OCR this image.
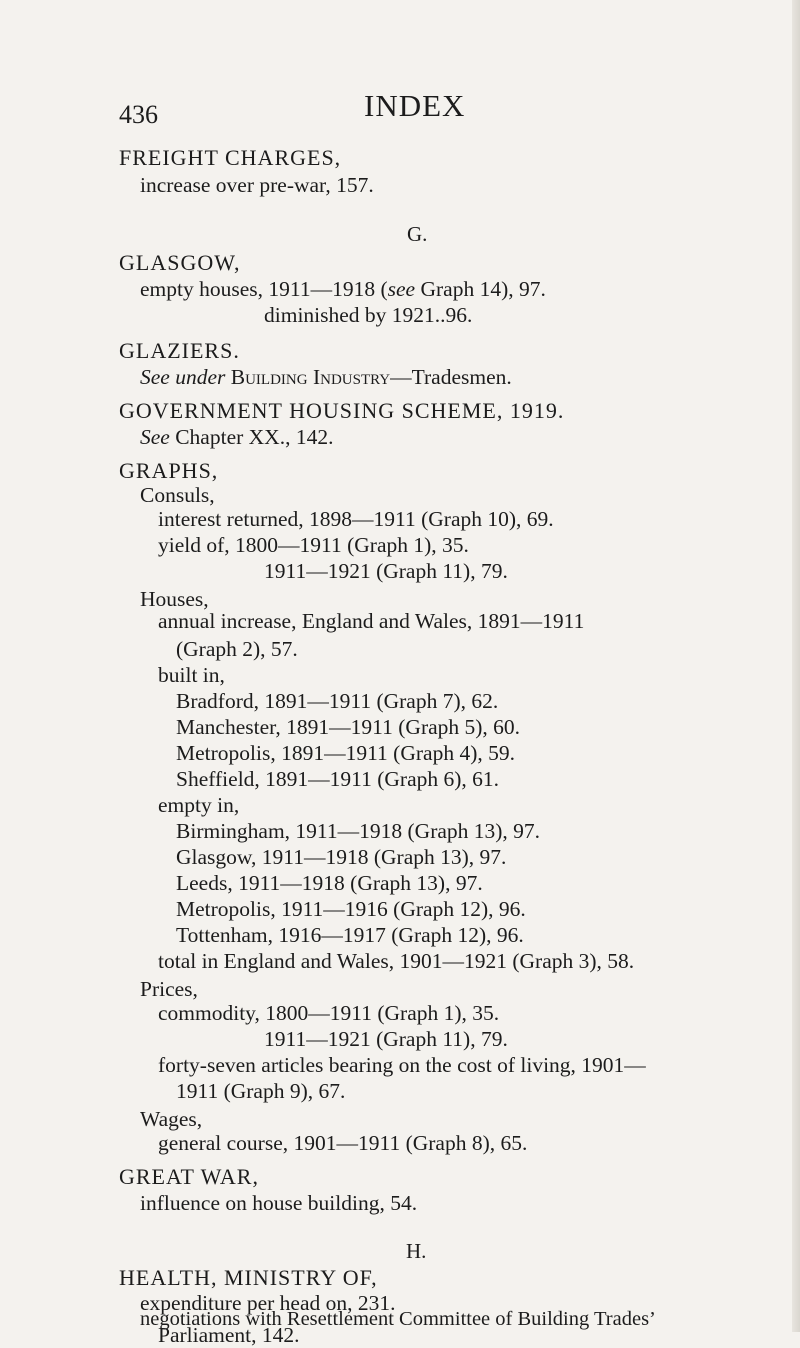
436	INDEX
FREIGHT CHARGES,
increase over pre-war, 157.
G.
GLASGOW,
empty houses, 1911—1918 (see Graph 14), 97.
diminished by 1921..96.
GLAZIERS.
See under Building Industry—Tradesmen.
GOVERNMENT HOUSING SCHEME, 1919.
See Chapter XX., 142.
GRAPHS,
Consuls,
interest returned, 1898—1911 (Graph 10), 69.
yield of, 1800—1911 (Graph 1), 35.
1911—1921 (Graph 11), 79.
Houses,
annual increase, England and Wales, 1891—1911
(Graph 2), 57.
built in,
Bradford, 1891—1911 (Graph 7), 62.
Manchester, 1891—1911 (Graph 5), 60.
Metropolis, 1891—1911 (Graph 4), 59.
Sheffield, 1891—1911 (Graph 6), 61.
empty in,
Birmingham, 1911—1918 (Graph 13), 97.
Glasgow, 1911—1918 (Graph 13), 97.
Leeds, 1911—1918 (Graph 13), 97.
Metropolis, 1911—1916 (Graph 12), 96.
Tottenham, 1916—1917 (Graph 12), 96.
total in England and Wales, 1901—1921 (Graph 3), 58.
Prices,
commodity, 1800—1911 (Graph 1), 35.
1911—1921 (Graph 11), 79.
forty-seven articles bearing on the cost of living, 1901—
1911 (Graph 9), 67.
Wages,
general course, 1901—1911 (Graph 8), 65.
GREAT WAR,
influence on house building, 54.
H.
HEALTH, MINISTRY OF,
expenditure per head on, 231.
negotiations with Resettlement Committee of Building Trades’
Parliament, 142.
